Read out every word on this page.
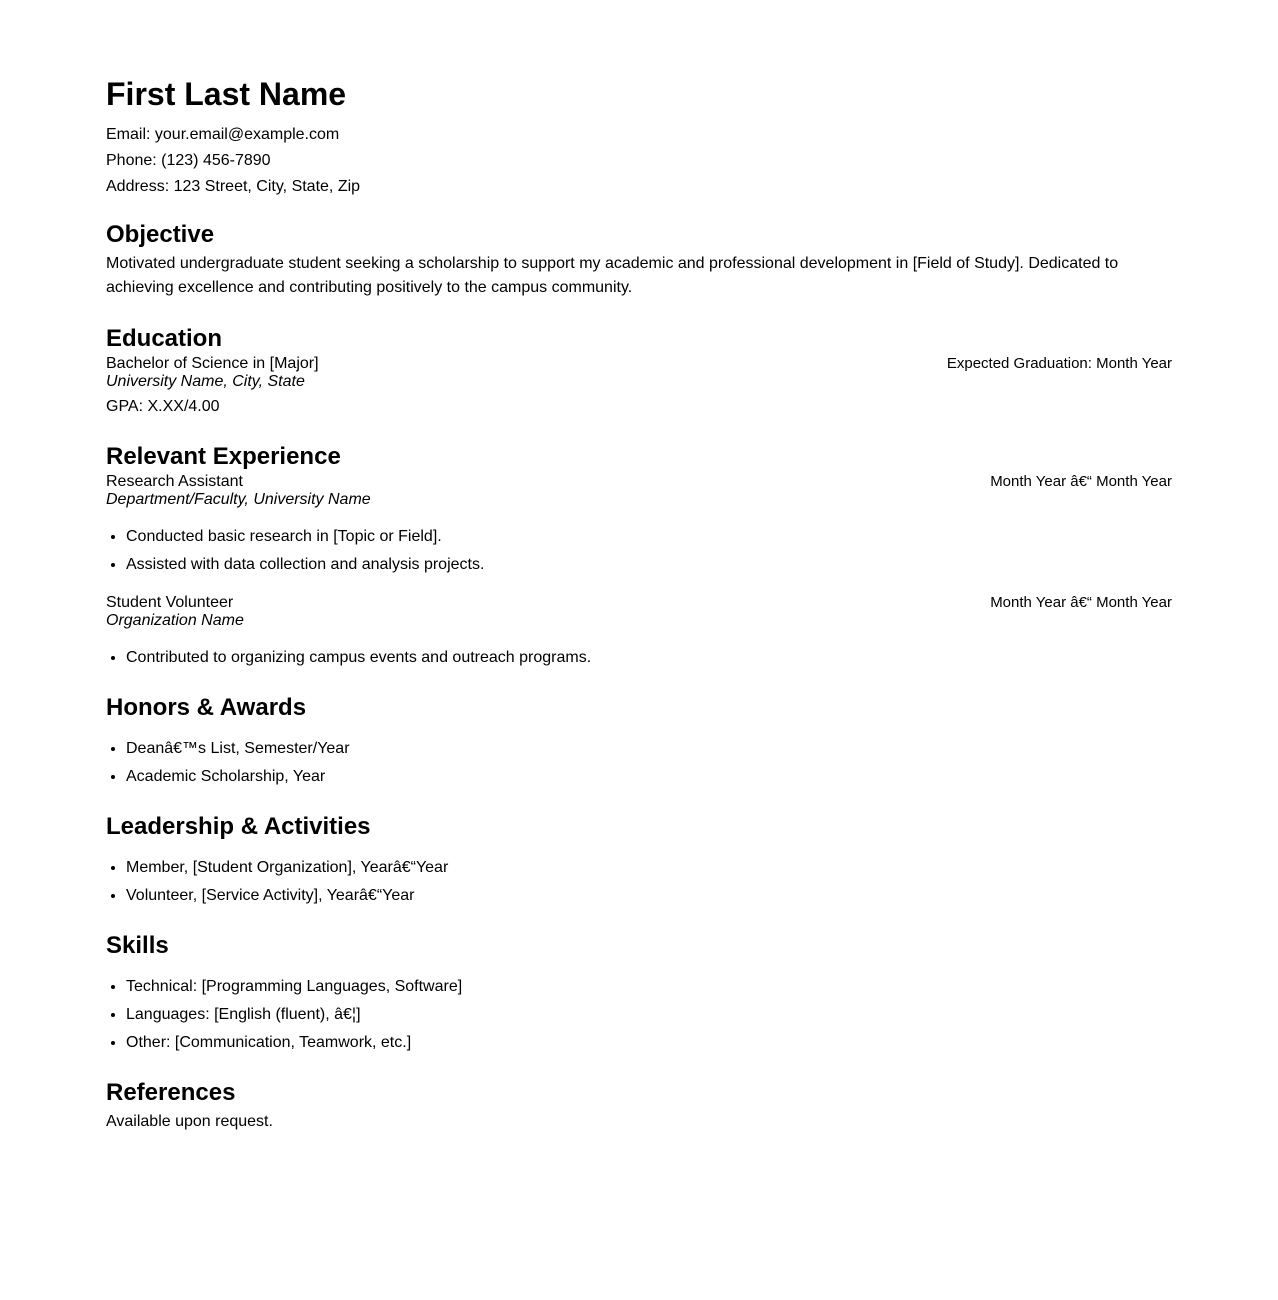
First Last Name
Email: your.email@example.com
Phone: (123) 456-7890
Address: 123 Street, City, State, Zip
Objective

Motivated undergraduate student seeking a scholarship to support my academic and professional development in [Field of Study]. Dedicated to achieving excellence and contributing positively to the campus community.

Education
Bachelor of Science in [Major]	Expected Graduation: Month Year
University Name, City, State
GPA: X.XX/4.00
Relevant Experience
Research Assistant	Month Year â€“ Month Year
Department/Faculty, University Name
• Conducted basic research in [Topic or Field].
• Assisted with data collection and analysis projects.
Student Volunteer	Month Year â€“ Month Year
Organization Name
• Contributed to organizing campus events and outreach programs.
Honors & Awards
• Deanâ€™s List, Semester/Year
• Academic Scholarship, Year
Leadership & Activities
• Member, [Student Organization], Yearâ€“Year
• Volunteer, [Service Activity], Yearâ€“Year
Skills
• Technical: [Programming Languages, Software]
• Languages: [English (fluent), â€¦]
• Other: [Communication, Teamwork, etc.]
References

Available upon request.
